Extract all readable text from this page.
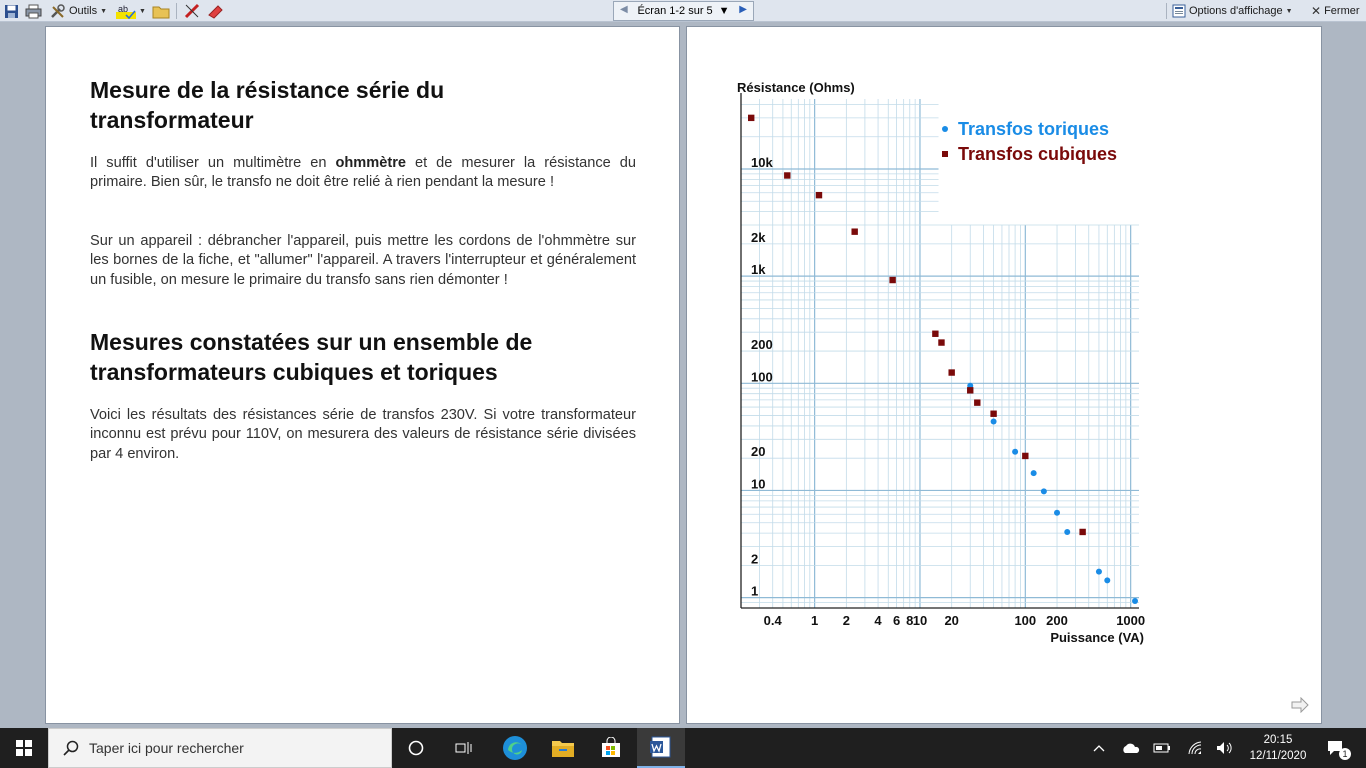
Outils ▼ ab ▼	◀ Écran 1-2 sur 5 ▼ ▶	Options d'affichage ▼ ✕ Fermer
Mesure de la résistance série du transformateur
Il suffit d'utiliser un multimètre en ohmmètre et de mesurer la résistance du primaire. Bien sûr, le transfo ne doit être relié à rien pendant la mesure !
Sur un appareil : débrancher l'appareil, puis mettre les cordons de l'ohmmètre sur les bornes de la fiche, et "allumer" l'appareil. A travers l'interrupteur et généralement un fusible, on mesure le primaire du transfo sans rien démonter !
Mesures constatées sur un ensemble de transformateurs cubiques et toriques
Voici les résultats des résistances série de transfos 230V. Si votre transformateur inconnu est prévu pour 110V, on mesurera des valeurs de résistance série divisées par 4 environ.
0.4 1 2 4 6 8 10 20	100 200	1000
1
2
10
20
100
200
1k
2k
10k
Résistance (Ohms)
Puissance (VA)
Transfos toriques
Transfos cubiques
Taper ici pour rechercher	20:15
12/11/2020	1
